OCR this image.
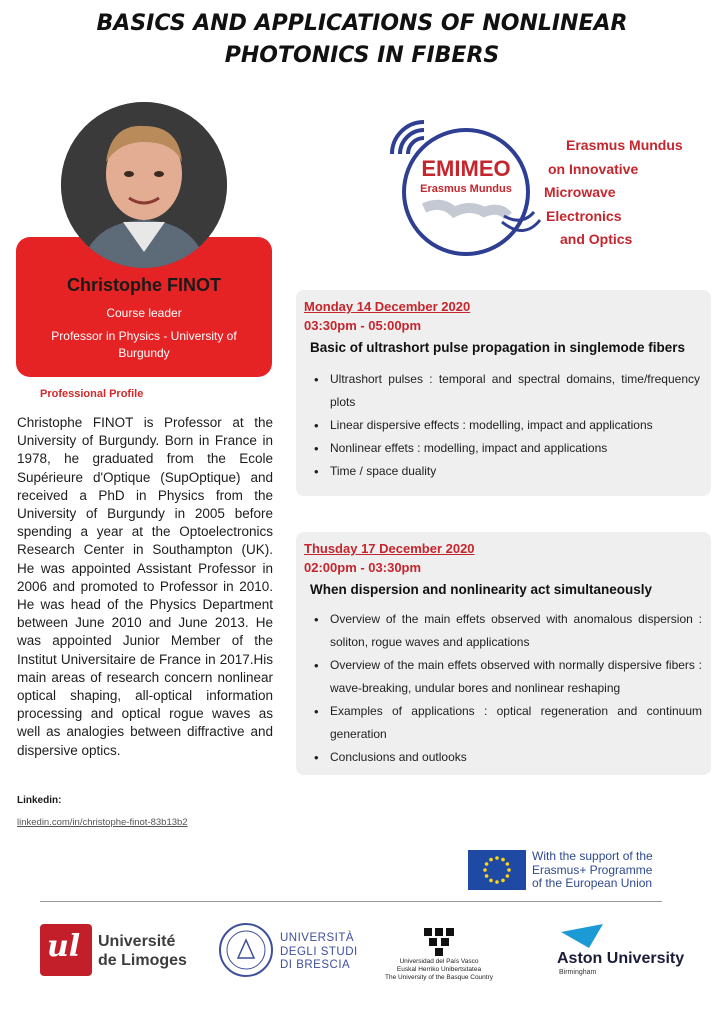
BASICS AND APPLICATIONS OF NONLINEAR
PHOTONICS IN FIBERS
Christophe FINOT
Course leader
Professor in Physics - University of Burgundy
Professional Profile
Christophe FINOT is Professor at the University of Burgundy. Born in France in 1978, he graduated from the Ecole Supérieure d'Optique (SupOptique) and received a PhD in Physics from the University of Burgundy in 2005 before spending a year at the Optoelectronics Research Center in Southampton (UK). He was appointed Assistant Professor in 2006 and promoted to Professor in 2010. He was head of the Physics Department between June 2010 and June 2013. He was appointed Junior Member of the Institut Universitaire de France in 2017.His main areas of research concern nonlinear optical shaping, all-optical information processing and optical rogue waves as well as analogies between diffractive and dispersive optics.
Linkedin:
linkedin.com/in/christophe-finot-83b13b2
EMIMEO
Erasmus Mundus
Erasmus Mundus
on Innovative
Microwave
Electronics
and Optics
Monday 14 December 2020
03:30pm - 05:00pm
Basic of ultrashort pulse propagation in singlemode fibers
• Ultrashort pulses : temporal and spectral domains, time/frequency plots
• Linear dispersive effects : modelling, impact and applications
• Nonlinear effets : modelling, impact and applications
• Time / space duality
Thusday 17 December 2020
02:00pm - 03:30pm
When dispersion and nonlinearity act simultaneously
• Overview of the main effets observed with anomalous dispersion : soliton, rogue waves and applications
• Overview of the main effets observed with normally dispersive fibers : wave-breaking, undular bores and nonlinear reshaping
• Examples of applications : optical regeneration and continuum generation
• Conclusions and outlooks
With the support of the
Erasmus+ Programme
of the European Union
ul Université
de Limoges
UNIVERSITÀ
DEGLI STUDI
DI BRESCIA	Universidad del País Vasco
Euskal Herriko Unibertsitatea
The University of the Basque Country
Aston University
Birmingham
